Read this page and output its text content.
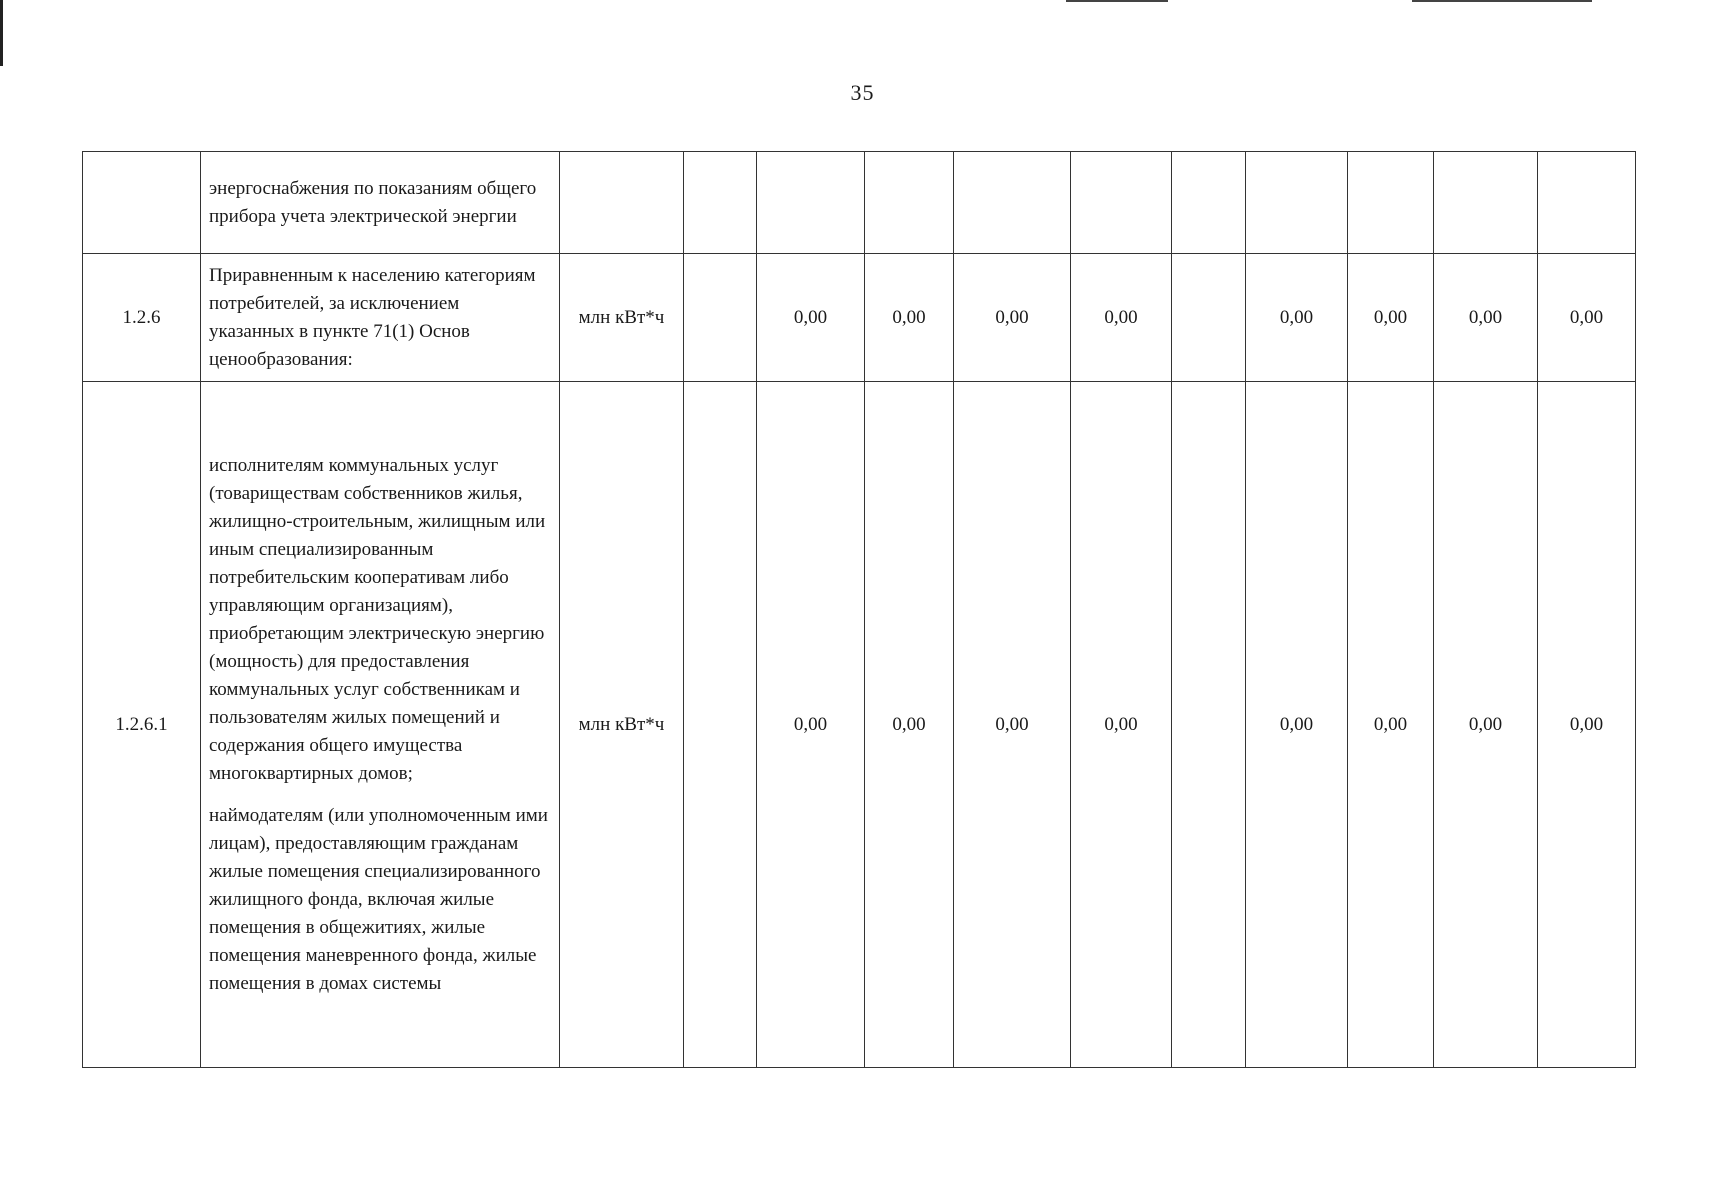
35

	энергоснабжения по показаниям общего прибора учета электрической энергии											

1.2.6	Приравненным к населению категориям потребителей, за исключением указанных в пункте 71(1) Основ ценообразования:	млн кВт*ч		0,00	0,00	0,00	0,00		0,00	0,00	0,00	0,00
1.2.6.1	исполнителям коммунальных услуг (товариществам собственников жилья, жилищно-строительным, жилищным или иным специализированным потребительским кооперативам либо управляющим организациям), приобретающим электрическую энергию (мощность) для предоставления коммунальных услуг собственникам и пользователям жилых помещений и содержания общего имущества многоквартирных домов;
наймодателям (или уполномоченным ими лицам), предоставляющим гражданам жилые помещения специализированного жилищного фонда, включая жилые помещения в общежитиях, жилые помещения маневренного фонда, жилые помещения в домах системы	млн кВт*ч		0,00	0,00	0,00	0,00		0,00	0,00	0,00	0,00
